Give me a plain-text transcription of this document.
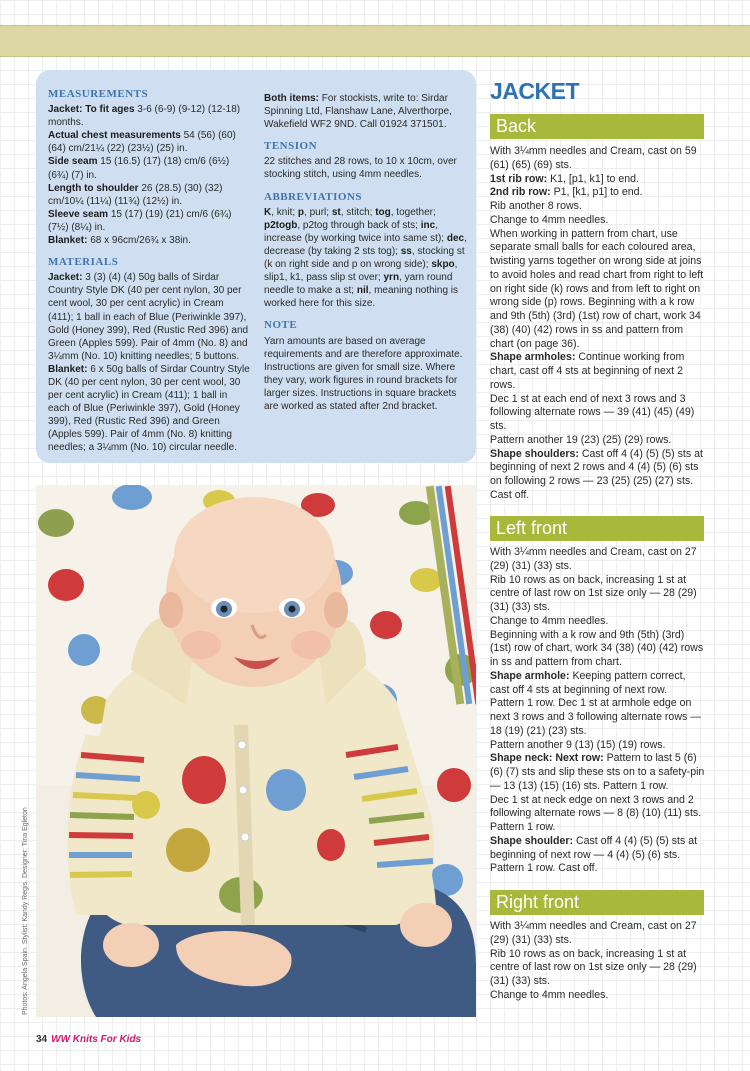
MEASUREMENTS

Jacket: To fit ages 3-6 (6-9) (9-12) (12-18) months.

Actual chest measurements 54 (56) (60) (64) cm/21¼ (22) (23½) (25) in.

Side seam 15 (16.5) (17) (18) cm/6 (6½) (6¾) (7) in.

Length to shoulder 26 (28.5) (30) (32) cm/10¼ (11¼) (11¾) (12½) in.

Sleeve seam 15 (17) (19) (21) cm/6 (6¾) (7½) (8¼) in.

Blanket: 68 x 96cm/26¾ x 38in.

MATERIALS

Jacket: 3 (3) (4) (4) 50g balls of Sirdar Country Style DK (40 per cent nylon, 30 per cent wool, 30 per cent acrylic) in Cream (411); 1 ball in each of Blue (Periwinkle 397), Gold (Honey 399), Red (Rustic Red 396) and Green (Apples 599). Pair of 4mm (No. 8) and 3¼mm (No. 10) knitting needles; 5 buttons.

Blanket: 6 x 50g balls of Sirdar Country Style DK (40 per cent nylon, 30 per cent wool, 30 per cent acrylic) in Cream (411); 1 ball in each of Blue (Periwinkle 397), Gold (Honey 399), Red (Rustic Red 396) and Green (Apples 599). Pair of 4mm (No. 8) knitting needles; a 3¼mm (No. 10) circular needle.

Both items: For stockists, write to: Sirdar Spinning Ltd, Flanshaw Lane, Alverthorpe, Wakefield WF2 9ND. Call 01924 371501.

TENSION

22 stitches and 28 rows, to 10 x 10cm, over stocking stitch, using 4mm needles.

ABBREVIATIONS

K, knit; p, purl; st, stitch; tog, together; p2togb, p2tog through back of sts; inc, increase (by working twice into same st); dec, decrease (by taking 2 sts tog); ss, stocking st (k on right side and p on wrong side); skpo, slip1, k1, pass slip st over; yrn, yarn round needle to make a st; nil, meaning nothing is worked here for this size.

NOTE

Yarn amounts are based on average requirements and are therefore approximate. Instructions are given for small size. Where they vary, work figures in round brackets for larger sizes. Instructions in square brackets are worked as stated after 2nd bracket.

Photos: Angela Spain. Stylist: Kandy Regis. Designer: Tina Egleton
34 WW Knits For Kids
JACKET
Back

With 3¼mm needles and Cream, cast on 59 (61) (65) (69) sts.

1st rib row: K1, [p1, k1] to end.

2nd rib row: P1, [k1, p1] to end.

Rib another 8 rows.

Change to 4mm needles.

When working in pattern from chart, use separate small balls for each coloured area, twisting yarns together on wrong side at joins to avoid holes and read chart from right to left on right side (k) rows and from left to right on wrong side (p) rows. Beginning with a k row and 9th (5th) (3rd) (1st) row of chart, work 34 (38) (40) (42) rows in ss and pattern from chart (on page 36).

Shape armholes: Continue working from chart, cast off 4 sts at beginning of next 2 rows.

Dec 1 st at each end of next 3 rows and 3 following alternate rows — 39 (41) (45) (49) sts.

Pattern another 19 (23) (25) (29) rows.

Shape shoulders: Cast off 4 (4) (5) (5) sts at beginning of next 2 rows and 4 (4) (5) (6) sts on following 2 rows — 23 (25) (25) (27) sts. Cast off.

Left front

With 3¼mm needles and Cream, cast on 27 (29) (31) (33) sts.

Rib 10 rows as on back, increasing 1 st at centre of last row on 1st size only — 28 (29) (31) (33) sts.

Change to 4mm needles.

Beginning with a k row and 9th (5th) (3rd) (1st) row of chart, work 34 (38) (40) (42) rows in ss and pattern from chart.

Shape armhole: Keeping pattern correct, cast off 4 sts at beginning of next row.

Pattern 1 row. Dec 1 st at armhole edge on next 3 rows and 3 following alternate rows — 18 (19) (21) (23) sts.

Pattern another 9 (13) (15) (19) rows.

Shape neck: Next row: Pattern to last 5 (6) (6) (7) sts and slip these sts on to a safety-pin — 13 (13) (15) (16) sts. Pattern 1 row.

Dec 1 st at neck edge on next 3 rows and 2 following alternate rows — 8 (8) (10) (11) sts.

Pattern 1 row.

Shape shoulder: Cast off 4 (4) (5) (5) sts at beginning of next row — 4 (4) (5) (6) sts.

Pattern 1 row. Cast off.

Right front

With 3¼mm needles and Cream, cast on 27 (29) (31) (33) sts.

Rib 10 rows as on back, increasing 1 st at centre of last row on 1st size only — 28 (29) (31) (33) sts.

Change to 4mm needles.
